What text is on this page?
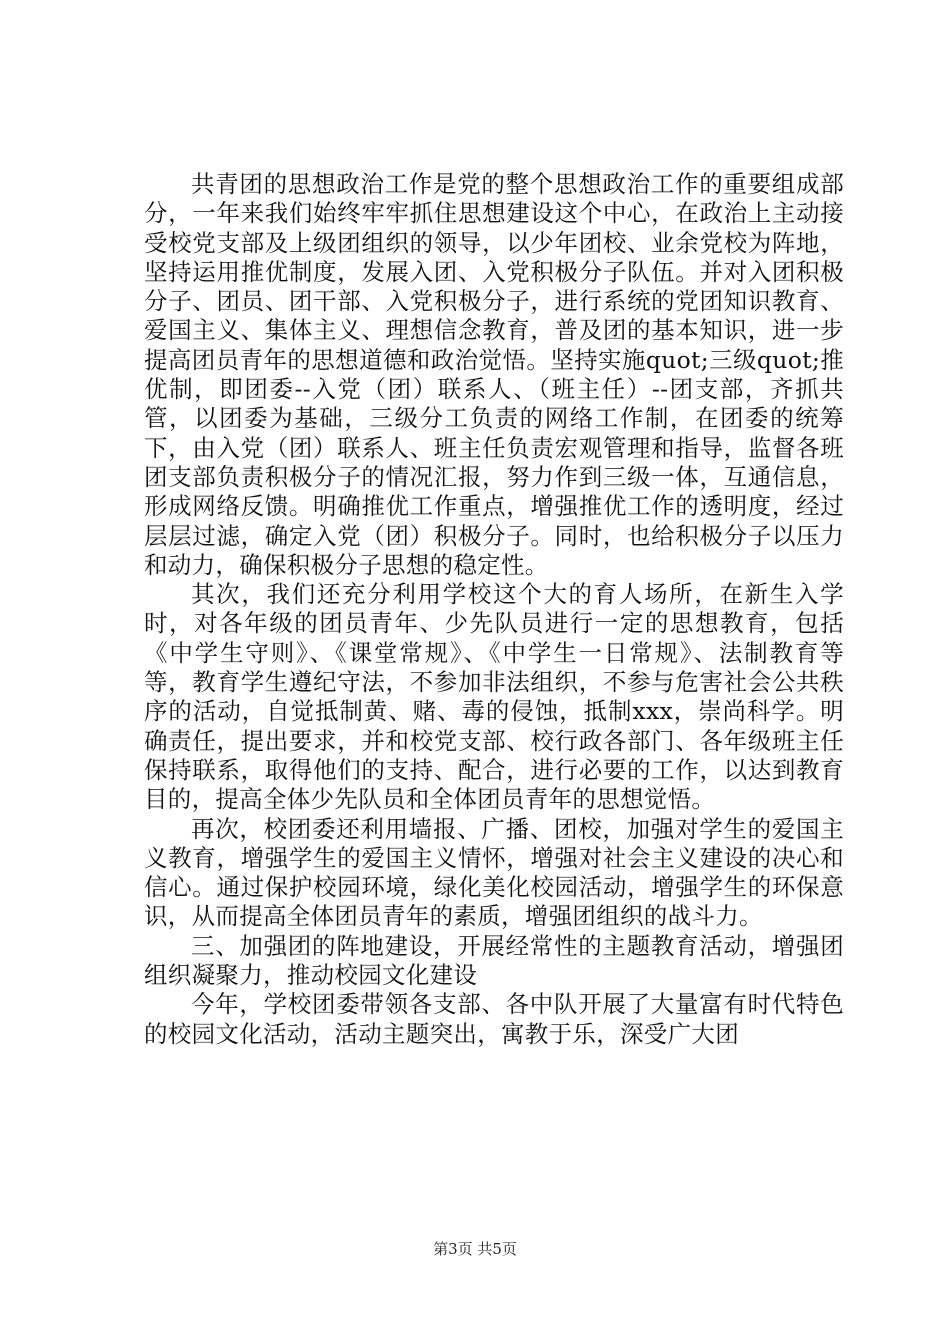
共青团的思想政治工作是党的整个思想政治工作的重要组成部分，一年来我们始终牢牢抓住思想建设这个中心，在政治上主动接受校党支部及上级团组织的领导，以少年团校、业余党校为阵地，坚持运用推优制度，发展入团、入党积极分子队伍。并对入团积极分子、团员、团干部、入党积极分子，进行系统的党团知识教育、爱国主义、集体主义、理想信念教育，普及团的基本知识，进一步提高团员青年的思想道德和政治觉悟。坚持实施quot;三级quot;推优制，即团委--入党（团）联系人、（班主任）--团支部，齐抓共管，以团委为基础，三级分工负责的网络工作制，在团委的统筹下，由入党（团）联系人、班主任负责宏观管理和指导，监督各班团支部负责积极分子的情况汇报，努力作到三级一体，互通信息，形成网络反馈。明确推优工作重点，增强推优工作的透明度，经过层层过滤，确定入党（团）积极分子。同时，也给积极分子以压力和动力，确保积极分子思想的稳定性。

其次，我们还充分利用学校这个大的育人场所，在新生入学时，对各年级的团员青年、少先队员进行一定的思想教育，包括《中学生守则》、《课堂常规》、《中学生一日常规》、法制教育等等，教育学生遵纪守法，不参加非法组织，不参与危害社会公共秩序的活动，自觉抵制黄、赌、毒的侵蚀，抵制xxx，崇尚科学。明确责任，提出要求，并和校党支部、校行政各部门、各年级班主任保持联系，取得他们的支持、配合，进行必要的工作，以达到教育目的，提高全体少先队员和全体团员青年的思想觉悟。

再次，校团委还利用墙报、广播、团校，加强对学生的爱国主义教育，增强学生的爱国主义情怀，增强对社会主义建设的决心和信心。通过保护校园环境，绿化美化校园活动，增强学生的环保意识，从而提高全体团员青年的素质，增强团组织的战斗力。

三、加强团的阵地建设，开展经常性的主题教育活动，增强团组织凝聚力，推动校园文化建设

今年，学校团委带领各支部、各中队开展了大量富有时代特色的校园文化活动，活动主题突出，寓教于乐，深受广大团

第3页 共5页
